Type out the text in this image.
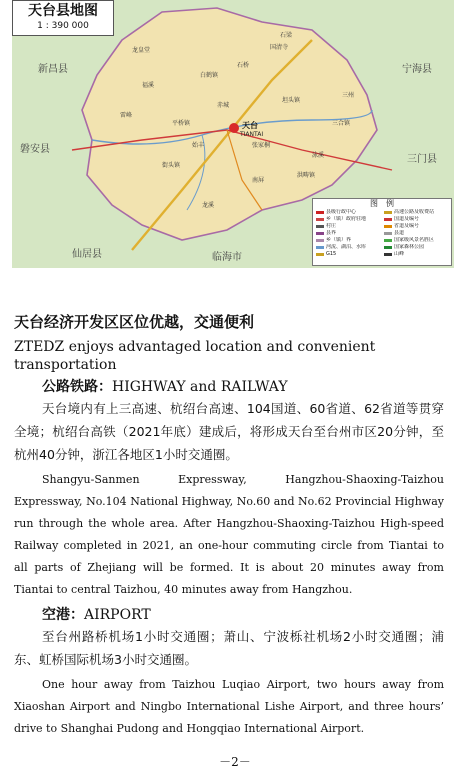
天台县地图
1 : 390 000
新昌县	宁海县
磐安县
仙居县	临海市
三门县
天台
TIANTAI
国清寺
石梁
龙皇堂
白鹤镇
平桥镇
街头镇
三合镇
泳溪
南屏
坦头镇
雷峰
洪畴镇
三州
石桥
福溪
龙溪
赤城
始丰	张家桐
图　例
县级行政中心	高速公路及收费站
乡（镇）政府驻地	国道及编号
村庄	省道及编号
县界	县道
乡（镇）界	国家级风景名胜区
河流、湖泊、水库	国家森林公园
G15	山峰
天台经济开发区区位优越，交通便利
ZTEDZ enjoys advantaged location and convenient transportation
公路铁路：HIGHWAY and RAILWAY

天台境内有上三高速、杭绍台高速、104国道、60省道、62省道等贯穿全境；杭绍台高铁（2021年底）建成后，将形成天台至台州市区20分钟，至杭州40分钟，浙江各地区1小时交通圈。

Shangyu-Sanmen Expressway, Hangzhou-Shaoxing-Taizhou Expressway, No.104 National Highway, No.60 and No.62 Provincial Highway run through the whole area. After Hangzhou-Shaoxing-Taizhou High-speed Railway completed in 2021, an one-hour commuting circle from Tiantai to all parts of Zhejiang will be formed. It is about 20 minutes away from Tiantai to central Taizhou, 40 minutes away from Hangzhou.

空港：AIRPORT

至台州路桥机场1小时交通圈；萧山、宁波栎社机场2小时交通圈；浦东、虹桥国际机场3小时交通圈。

One hour away from Taizhou Luqiao Airport, two hours away from Xiaoshan Airport and Ningbo International Lishe Airport, and three hours’ drive to Shanghai Pudong and Hongqiao International Airport.

－2－
